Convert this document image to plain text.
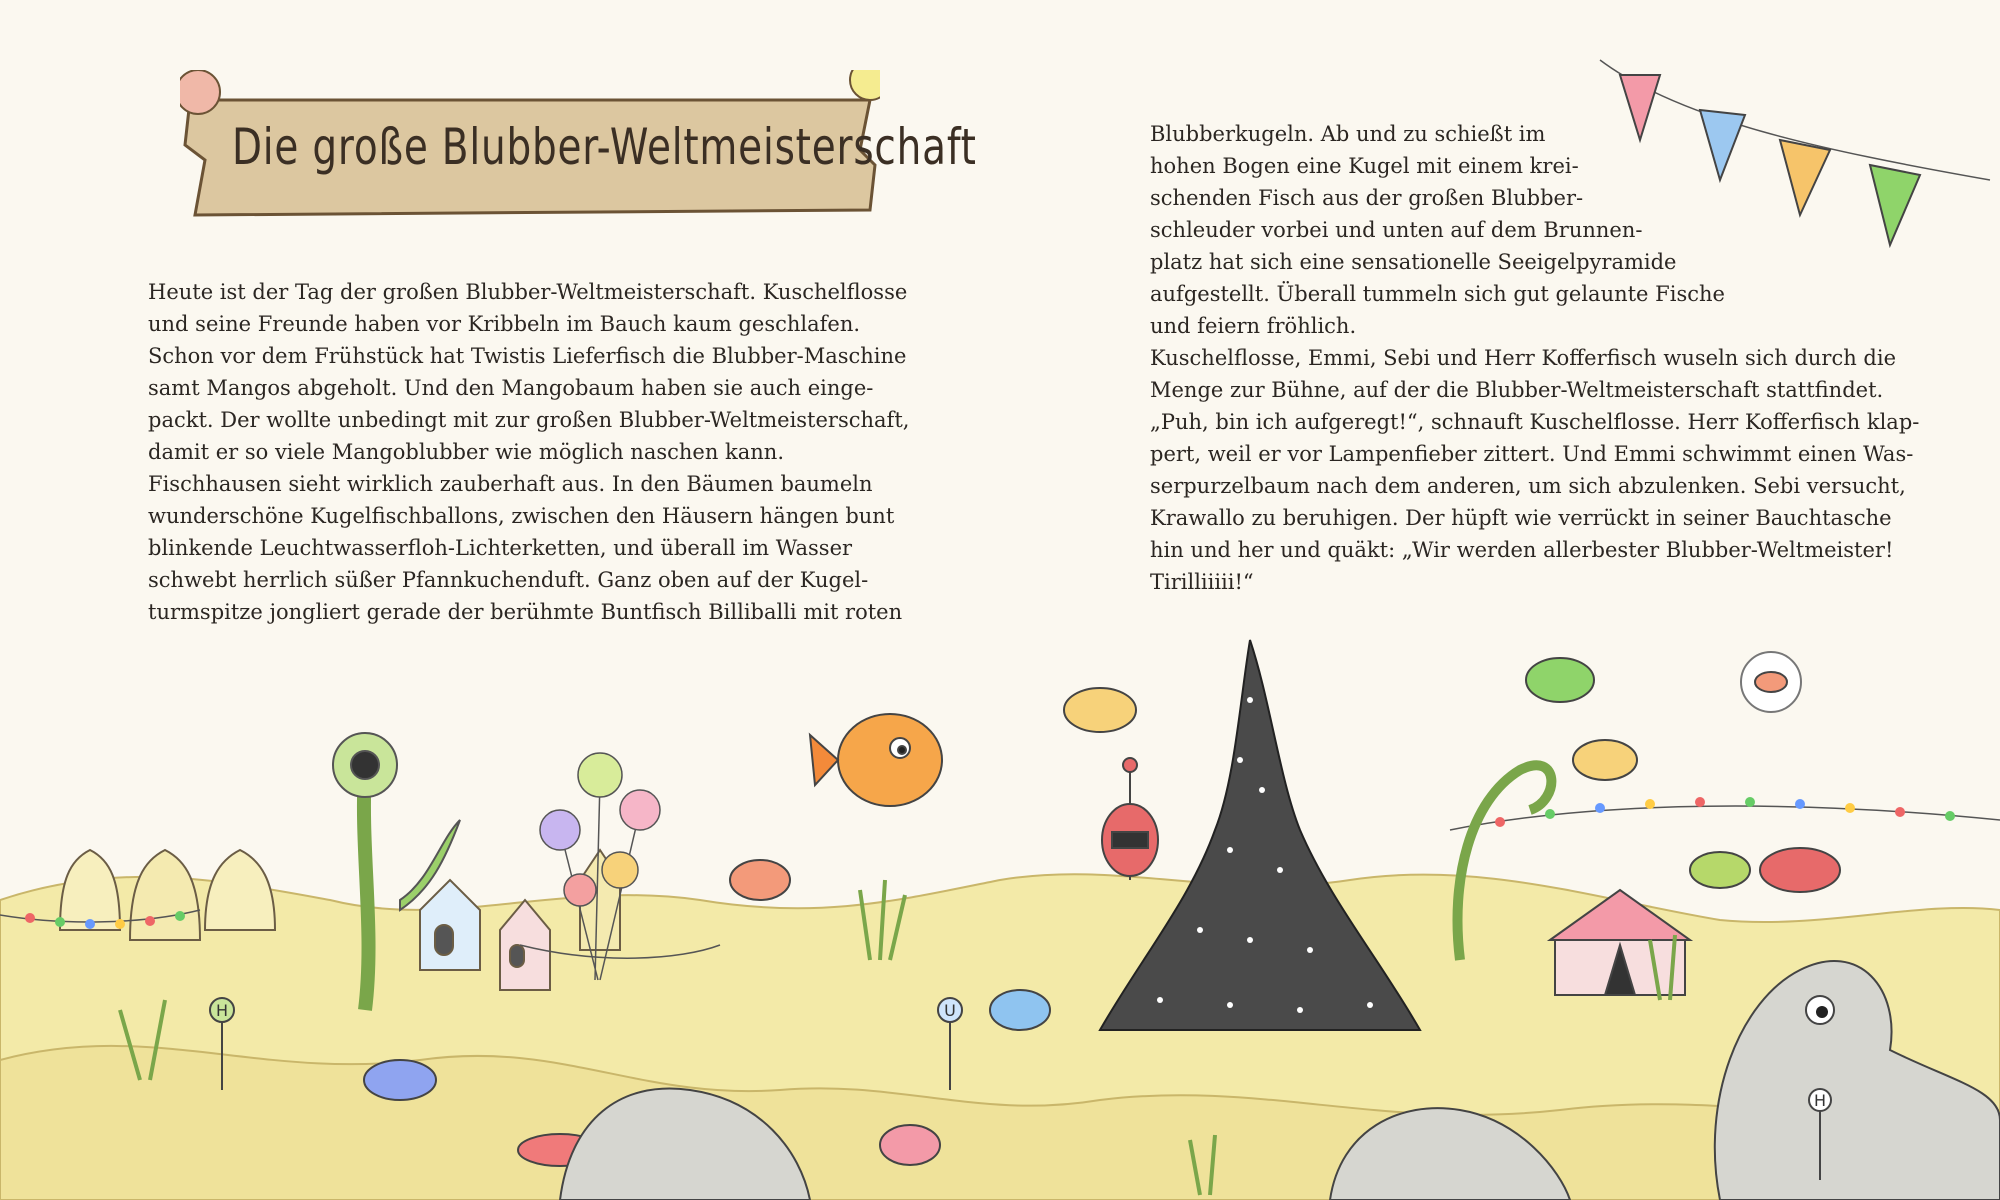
H	U
H
Die große Blubber-Weltmeisterschaft
Heute ist der Tag der großen Blubber-Weltmeisterschaft. Kuschelflosse
und seine Freunde haben vor Kribbeln im Bauch kaum geschlafen.
Schon vor dem Frühstück hat Twistis Lieferfisch die Blubber-Maschine
samt Mangos abgeholt. Und den Mangobaum haben sie auch einge-
packt. Der wollte unbedingt mit zur großen Blubber-Weltmeisterschaft,
damit er so viele Mangoblubber wie möglich naschen kann.
Fischhausen sieht wirklich zauberhaft aus. In den Bäumen baumeln
wunderschöne Kugelfischballons, zwischen den Häusern hängen bunt
blinkende Leuchtwasserfloh-Lichterketten, und überall im Wasser
schwebt herrlich süßer Pfannkuchenduft. Ganz oben auf der Kugel-
turmspitze jongliert gerade der berühmte Buntfisch Billiballi mit roten
Blubberkugeln. Ab und zu schießt im
hohen Bogen eine Kugel mit einem krei-
schenden Fisch aus der großen Blubber-
schleuder vorbei und unten auf dem Brunnen-
platz hat sich eine sensationelle Seeigelpyramide
aufgestellt. Überall tummeln sich gut gelaunte Fische
und feiern fröhlich.
Kuschelflosse, Emmi, Sebi und Herr Kofferfisch wuseln sich durch die
Menge zur Bühne, auf der die Blubber-Weltmeisterschaft stattfindet.
„Puh, bin ich aufgeregt!“, schnauft Kuschelflosse. Herr Kofferfisch klap-
pert, weil er vor Lampenfieber zittert. Und Emmi schwimmt einen Was-
serpurzelbaum nach dem anderen, um sich abzulenken. Sebi versucht,
Krawallo zu beruhigen. Der hüpft wie verrückt in seiner Bauchtasche
hin und her und quäkt: „Wir werden allerbester Blubber-Weltmeister!
Tirilliiiii!“
